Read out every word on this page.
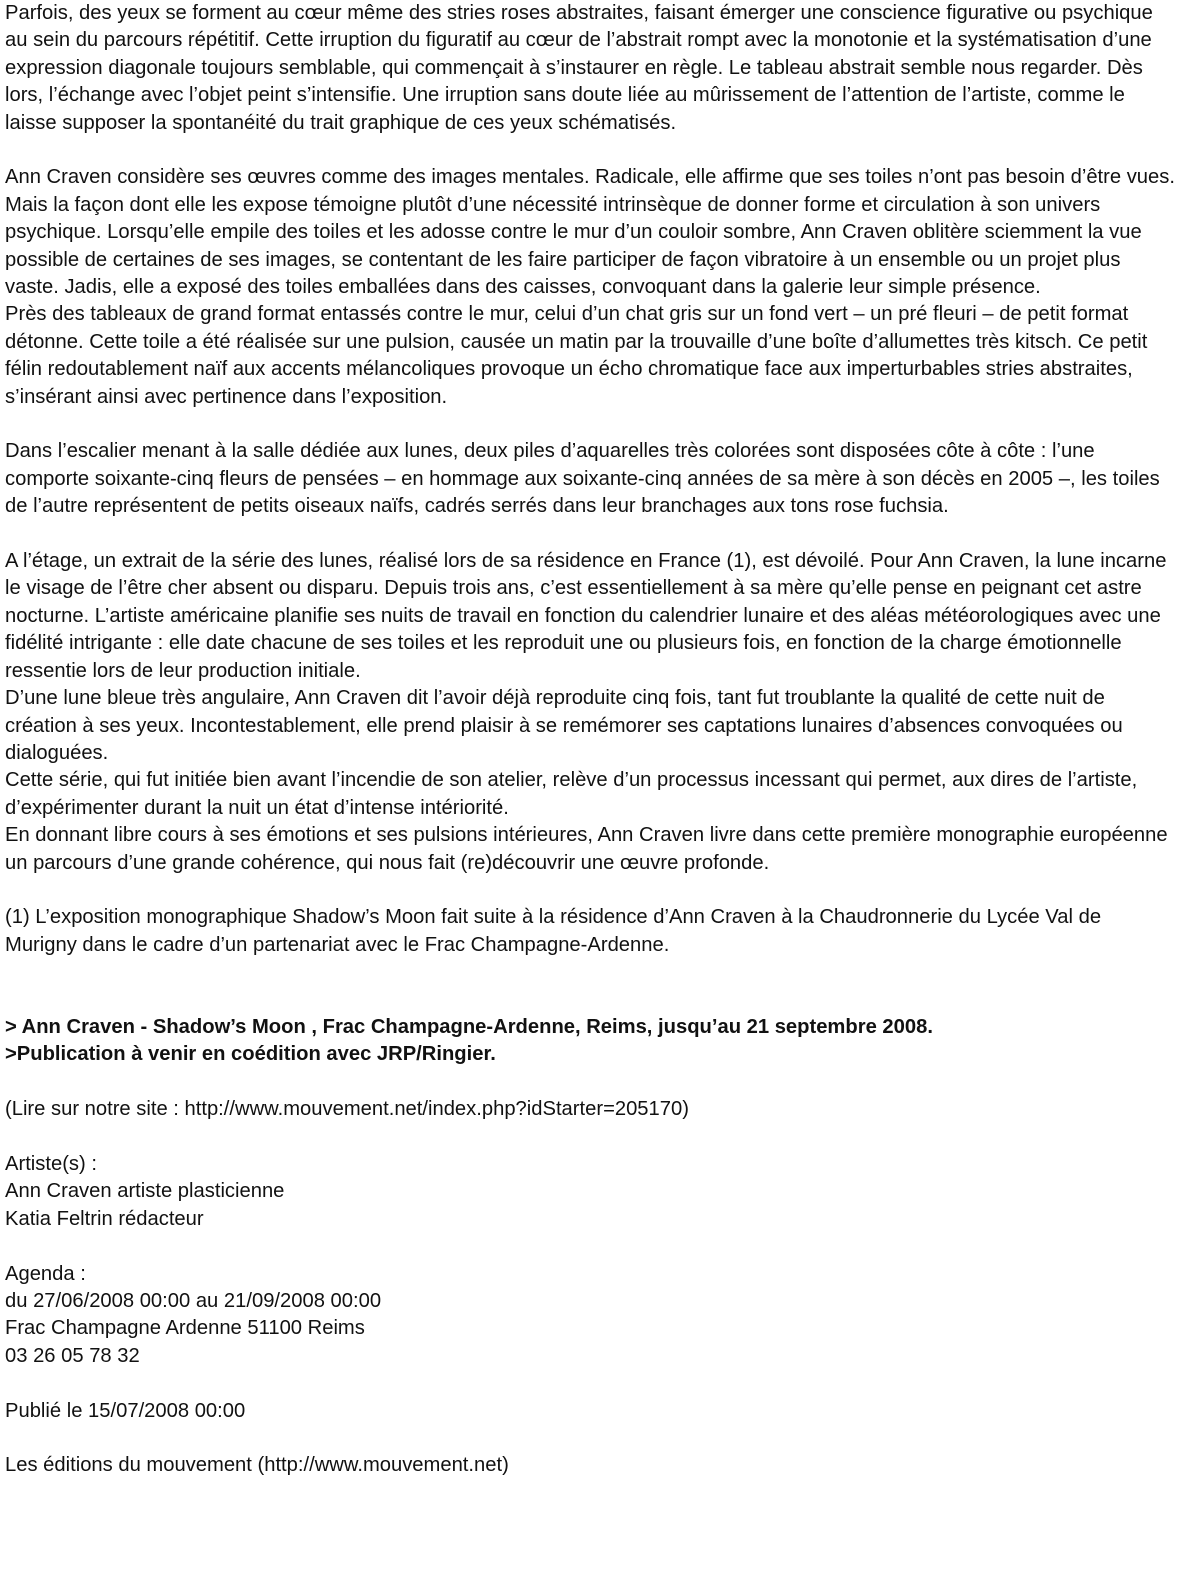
Parfois, des yeux se forment au cœur même des stries roses abstraites, faisant émerger une conscience figurative ou psychique au sein du parcours répétitif. Cette irruption du figuratif au cœur de l’abstrait rompt avec la monotonie et la systématisation d’une expression diagonale toujours semblable, qui commençait à s’instaurer en règle. Le tableau abstrait semble nous regarder. Dès lors, l’échange avec l’objet peint s’intensifie. Une irruption sans doute liée au mûrissement de l’attention de l’artiste, comme le laisse supposer la spontanéité du trait graphique de ces yeux schématisés.

Ann Craven considère ses œuvres comme des images mentales. Radicale, elle affirme que ses toiles n’ont pas besoin d’être vues. Mais la façon dont elle les expose témoigne plutôt d’une nécessité intrinsèque de donner forme et circulation à son univers psychique. Lorsqu’elle empile des toiles et les adosse contre le mur d’un couloir sombre, Ann Craven oblitère sciemment la vue possible de certaines de ses images, se contentant de les faire participer de façon vibratoire à un ensemble ou un projet plus vaste. Jadis, elle a exposé des toiles emballées dans des caisses, convoquant dans la galerie leur simple présence.

Près des tableaux de grand format entassés contre le mur, celui d’un chat gris sur un fond vert – un pré fleuri – de petit format détonne. Cette toile a été réalisée sur une pulsion, causée un matin par la trouvaille d’une boîte d’allumettes très kitsch. Ce petit félin redoutablement naïf aux accents mélancoliques provoque un écho chromatique face aux imperturbables stries abstraites, s’insérant ainsi avec pertinence dans l’exposition.

Dans l’escalier menant à la salle dédiée aux lunes, deux piles d’aquarelles très colorées sont disposées côte à côte : l’une comporte soixante-cinq fleurs de pensées – en hommage aux soixante-cinq années de sa mère à son décès en 2005 –, les toiles de l’autre représentent de petits oiseaux naïfs, cadrés serrés dans leur branchages aux tons rose fuchsia.

A l’étage, un extrait de la série des lunes, réalisé lors de sa résidence en France (1), est dévoilé. Pour Ann Craven, la lune incarne le visage de l’être cher absent ou disparu. Depuis trois ans, c’est essentiellement à sa mère qu’elle pense en peignant cet astre nocturne. L’artiste américaine planifie ses nuits de travail en fonction du calendrier lunaire et des aléas météorologiques avec une fidélité intrigante : elle date chacune de ses toiles et les reproduit une ou plusieurs fois, en fonction de la charge émotionnelle ressentie lors de leur production initiale.

D’une lune bleue très angulaire, Ann Craven dit l’avoir déjà reproduite cinq fois, tant fut troublante la qualité de cette nuit de création à ses yeux. Incontestablement, elle prend plaisir à se remémorer ses captations lunaires d’absences convoquées ou dialoguées.

Cette série, qui fut initiée bien avant l’incendie de son atelier, relève d’un processus incessant qui permet, aux dires de l’artiste, d’expérimenter durant la nuit un état d’intense intériorité.

En donnant libre cours à ses émotions et ses pulsions intérieures, Ann Craven livre dans cette première monographie européenne un parcours d’une grande cohérence, qui nous fait (re)découvrir une œuvre profonde.

(1) L’exposition monographique Shadow’s Moon fait suite à la résidence d’Ann Craven à la Chaudronnerie du Lycée Val de Murigny dans le cadre d’un partenariat avec le Frac Champagne-Ardenne.

> Ann Craven - Shadow’s Moon , Frac Champagne-Ardenne, Reims, jusqu’au 21 septembre 2008.

>Publication à venir en coédition avec JRP/Ringier.

(Lire sur notre site : http://www.mouvement.net/index.php?idStarter=205170)

Artiste(s) :

Ann Craven artiste plasticienne

Katia Feltrin rédacteur

Agenda :

du 27/06/2008 00:00 au 21/09/2008 00:00

Frac Champagne Ardenne 51100 Reims

03 26 05 78 32

Publié le 15/07/2008 00:00

Les éditions du mouvement (http://www.mouvement.net)
